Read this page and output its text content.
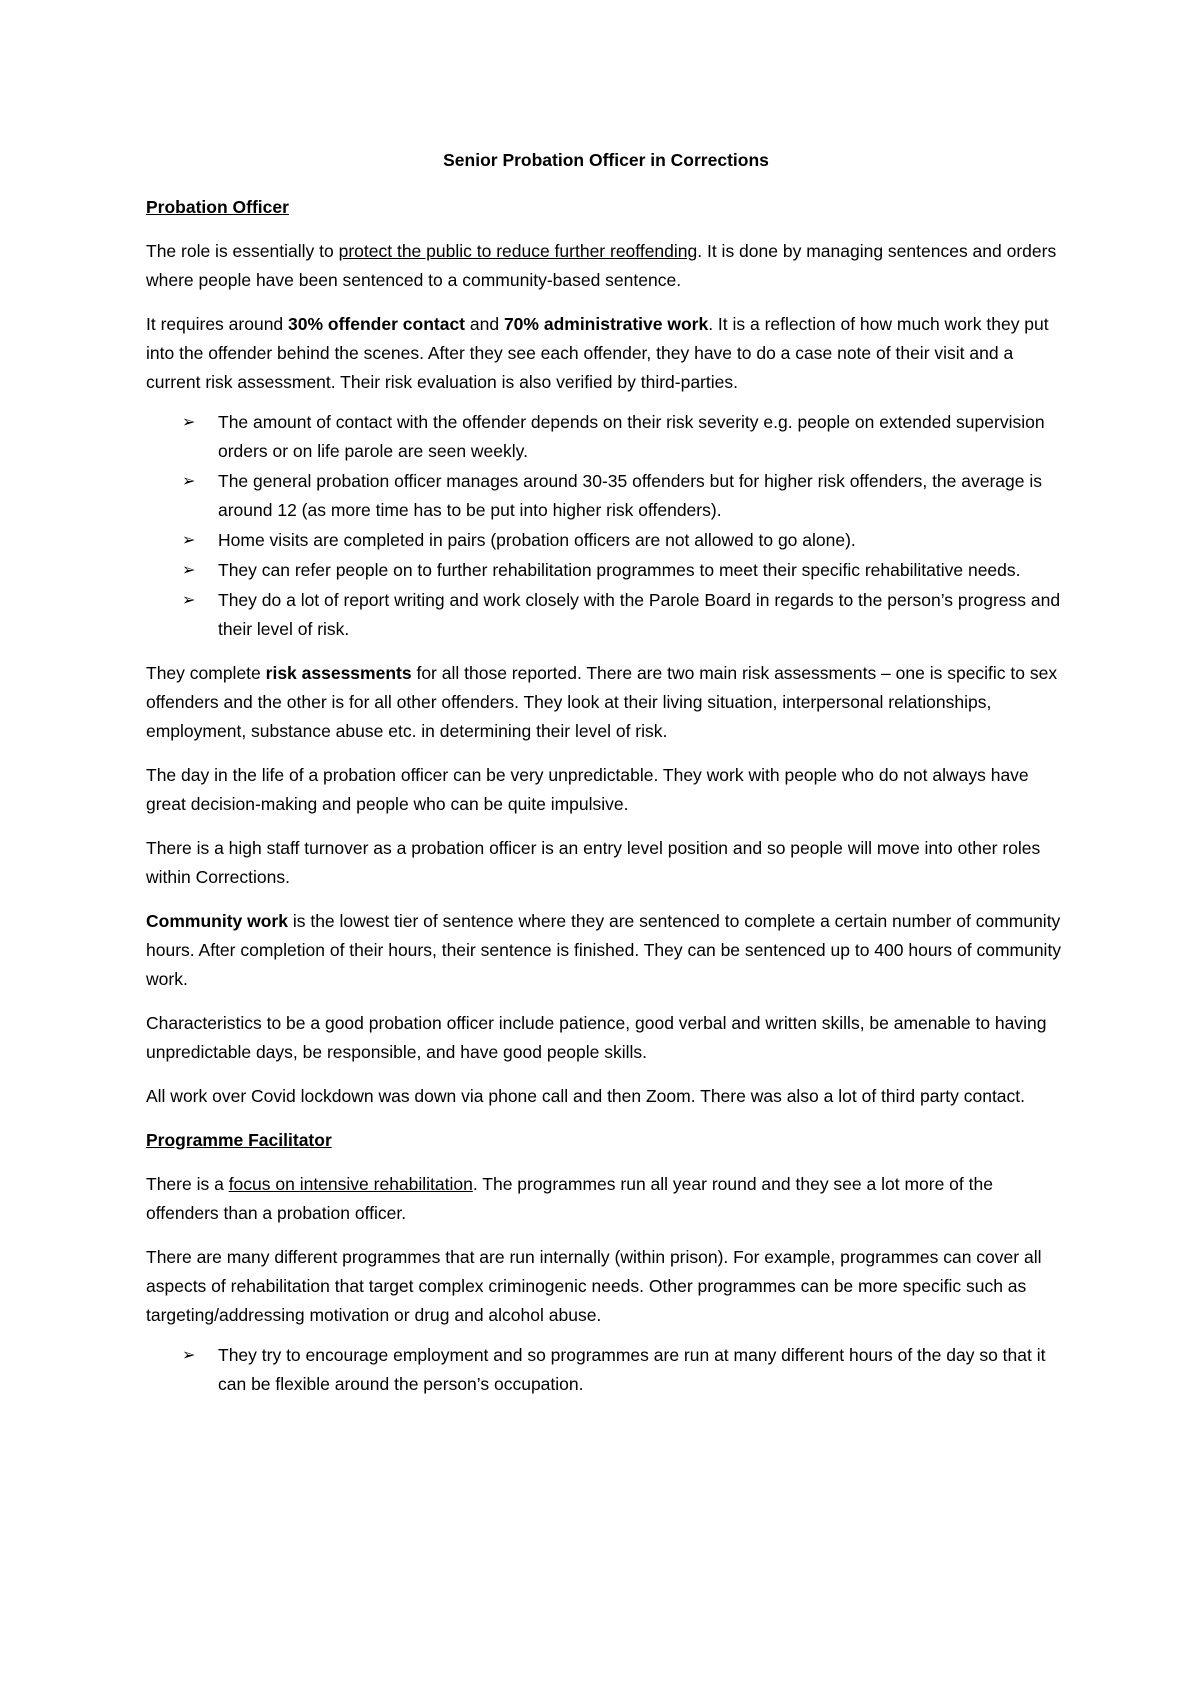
Senior Probation Officer in Corrections
Probation Officer

The role is essentially to protect the public to reduce further reoffending. It is done by managing sentences and orders where people have been sentenced to a community-based sentence.

It requires around 30% offender contact and 70% administrative work. It is a reflection of how much work they put into the offender behind the scenes. After they see each offender, they have to do a case note of their visit and a current risk assessment. Their risk evaluation is also verified by third-parties.

➢ The amount of contact with the offender depends on their risk severity e.g. people on extended supervision orders or on life parole are seen weekly.
➢ The general probation officer manages around 30-35 offenders but for higher risk offenders, the average is around 12 (as more time has to be put into higher risk offenders).
➢ Home visits are completed in pairs (probation officers are not allowed to go alone).
➢ They can refer people on to further rehabilitation programmes to meet their specific rehabilitative needs.
➢ They do a lot of report writing and work closely with the Parole Board in regards to the person’s progress and their level of risk.

They complete risk assessments for all those reported. There are two main risk assessments – one is specific to sex offenders and the other is for all other offenders. They look at their living situation, interpersonal relationships, employment, substance abuse etc. in determining their level of risk.

The day in the life of a probation officer can be very unpredictable. They work with people who do not always have great decision-making and people who can be quite impulsive.

There is a high staff turnover as a probation officer is an entry level position and so people will move into other roles within Corrections.

Community work is the lowest tier of sentence where they are sentenced to complete a certain number of community hours. After completion of their hours, their sentence is finished. They can be sentenced up to 400 hours of community work.

Characteristics to be a good probation officer include patience, good verbal and written skills, be amenable to having unpredictable days, be responsible, and have good people skills.

All work over Covid lockdown was down via phone call and then Zoom. There was also a lot of third party contact.

Programme Facilitator

There is a focus on intensive rehabilitation. The programmes run all year round and they see a lot more of the offenders than a probation officer.

There are many different programmes that are run internally (within prison). For example, programmes can cover all aspects of rehabilitation that target complex criminogenic needs. Other programmes can be more specific such as targeting/addressing motivation or drug and alcohol abuse.

➢ They try to encourage employment and so programmes are run at many different hours of the day so that it can be flexible around the person’s occupation.
